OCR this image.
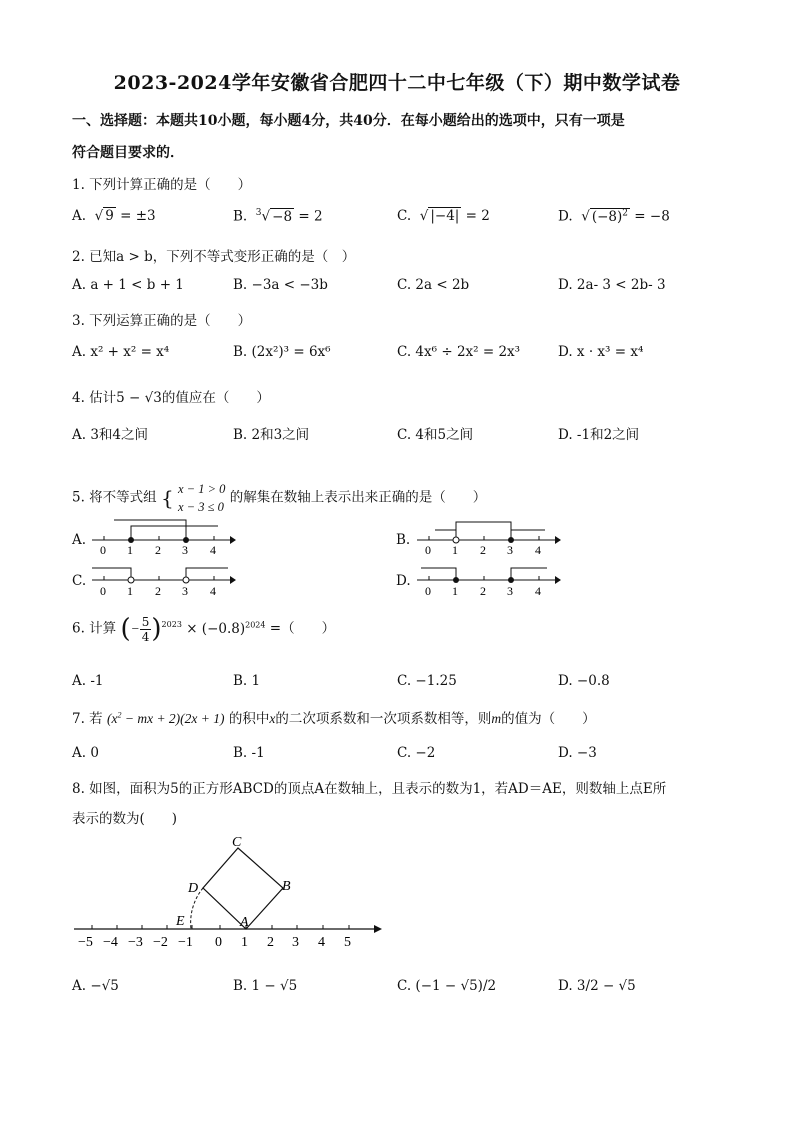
2023-2024学年安徽省合肥四十二中七年级（下）期中数学试卷
一、选择题：本题共10小题，每小题4分，共40分．在每小题给出的选项中，只有一项是
符合题目要求的．
1. 下列计算正确的是（　　）
A.  √ 9 = ±3	B.  $^3$√ −8 = 2	C.  √ |−4| = 2	D.  √ $(-8)^2 = -8$
2. 已知a > b，下列不等式变形正确的是（　）
A. a + 1 < b + 1	B. −3a < −3b	C. 2a < 2b	D. 2a- 3 < 2b- 3
3. 下列运算正确的是（　　）
A. x² + x² = x⁴	B. (2x²)³ = 6x⁶	C. 4x⁶ ÷ 2x² = 2x³	D. x · x³ = x⁴
4. 估计5 − √3的值应在（　　）
A. 3和4之间	B. 2和3之间	C. 4和5之间	D. -1和2之间
5. 将不等式组 { x − 1 > 0
x − 3 ≤ 0
的解集在数轴上表示出来正确的是（　　）
A.	B.
C.	D.
0 1 2 3 4	0 1 2 3 4
0 1 2 3 4	0 1 2 3 4
6. 计算 (− $\frac{5}{4} )^{2023} \times (-0.8)^{2024}$ =（　　）
A. -1	B. 1	C. −1.25	D. −0.8
7. 若 ($x^2$ − mx + 2)(2x + 1) 的积中x的二次项系数和一次项系数相等，则m的值为（　　）
A. 0	B. -1	C. −2	D. −3
8. 如图，面积为5的正方形ABCD的顶点A在数轴上，且表示的数为1，若AD＝AE，则数轴上点E所
表示的数为(　　)
C
B
D
A
E
−5 −4 −3 −2 −1 0 1 2 3 4 5
A. −√5	B. 1 − √5	C. (−1 − √5)/2	D. 3/2 − √5
